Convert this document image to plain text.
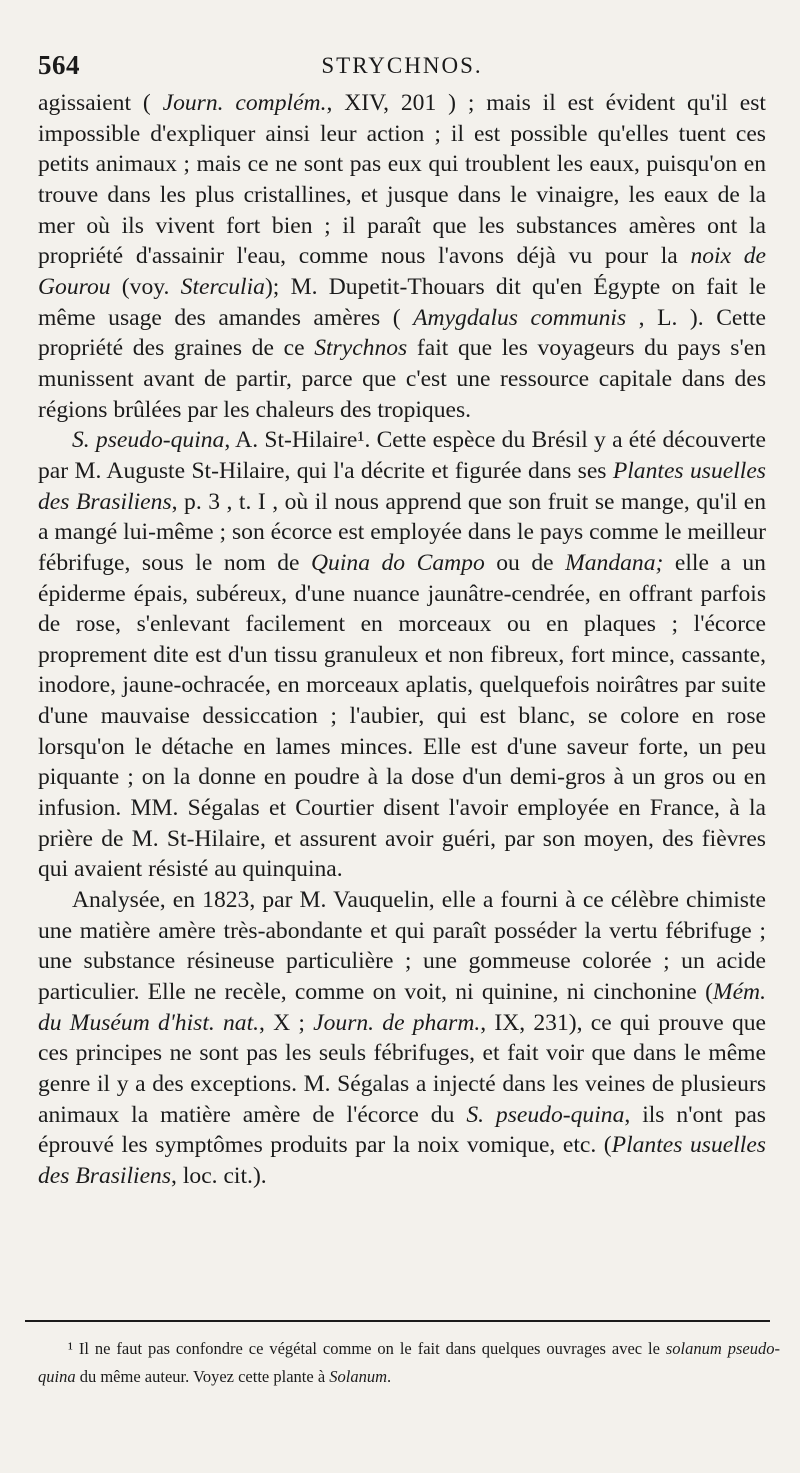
564	STRYCHNOS.

agissaient ( Journ. complém., XIV, 201 ) ; mais il est évident qu'il est impossible d'expliquer ainsi leur action ; il est possible qu'elles tuent ces petits animaux ; mais ce ne sont pas eux qui troublent les eaux, puisqu'on en trouve dans les plus cristallines, et jusque dans le vinaigre, les eaux de la mer où ils vivent fort bien ; il paraît que les substances amères ont la propriété d'assainir l'eau, comme nous l'avons déjà vu pour la noix de Gourou (voy. Sterculia); M. Dupetit-Thouars dit qu'en Égypte on fait le même usage des amandes amères ( Amygdalus communis , L. ). Cette propriété des graines de ce Strychnos fait que les voyageurs du pays s'en munissent avant de partir, parce que c'est une ressource capitale dans des régions brûlées par les chaleurs des tropiques.

S. pseudo-quina, A. St-Hilaire¹. Cette espèce du Brésil y a été découverte par M. Auguste St-Hilaire, qui l'a décrite et figurée dans ses Plantes usuelles des Brasiliens, p. 3 , t. I , où il nous apprend que son fruit se mange, qu'il en a mangé lui-même ; son écorce est employée dans le pays comme le meilleur fébrifuge, sous le nom de Quina do Campo ou de Mandana; elle a un épiderme épais, subéreux, d'une nuance jaunâtre-cendrée, en offrant parfois de rose, s'enlevant facilement en morceaux ou en plaques ; l'écorce proprement dite est d'un tissu granuleux et non fibreux, fort mince, cassante, inodore, jaune-ochracée, en morceaux aplatis, quelquefois noirâtres par suite d'une mauvaise dessiccation ; l'aubier, qui est blanc, se colore en rose lorsqu'on le détache en lames minces. Elle est d'une saveur forte, un peu piquante ; on la donne en poudre à la dose d'un demi-gros à un gros ou en infusion. MM. Ségalas et Courtier disent l'avoir employée en France, à la prière de M. St-Hilaire, et assurent avoir guéri, par son moyen, des fièvres qui avaient résisté au quinquina.

Analysée, en 1823, par M. Vauquelin, elle a fourni à ce célèbre chimiste une matière amère très-abondante et qui paraît posséder la vertu fébrifuge ; une substance résineuse particulière ; une gommeuse colorée ; un acide particulier. Elle ne recèle, comme on voit, ni quinine, ni cinchonine (Mém. du Muséum d'hist. nat., X ; Journ. de pharm., IX, 231), ce qui prouve que ces principes ne sont pas les seuls fébrifuges, et fait voir que dans le même genre il y a des exceptions. M. Ségalas a injecté dans les veines de plusieurs animaux la matière amère de l'écorce du S. pseudo-quina, ils n'ont pas éprouvé les symptômes produits par la noix vomique, etc. (Plantes usuelles des Brasiliens, loc. cit.).

¹ Il ne faut pas confondre ce végétal comme on le fait dans quelques ouvrages avec le solanum pseudo-quina du même auteur. Voyez cette plante à Solanum.
